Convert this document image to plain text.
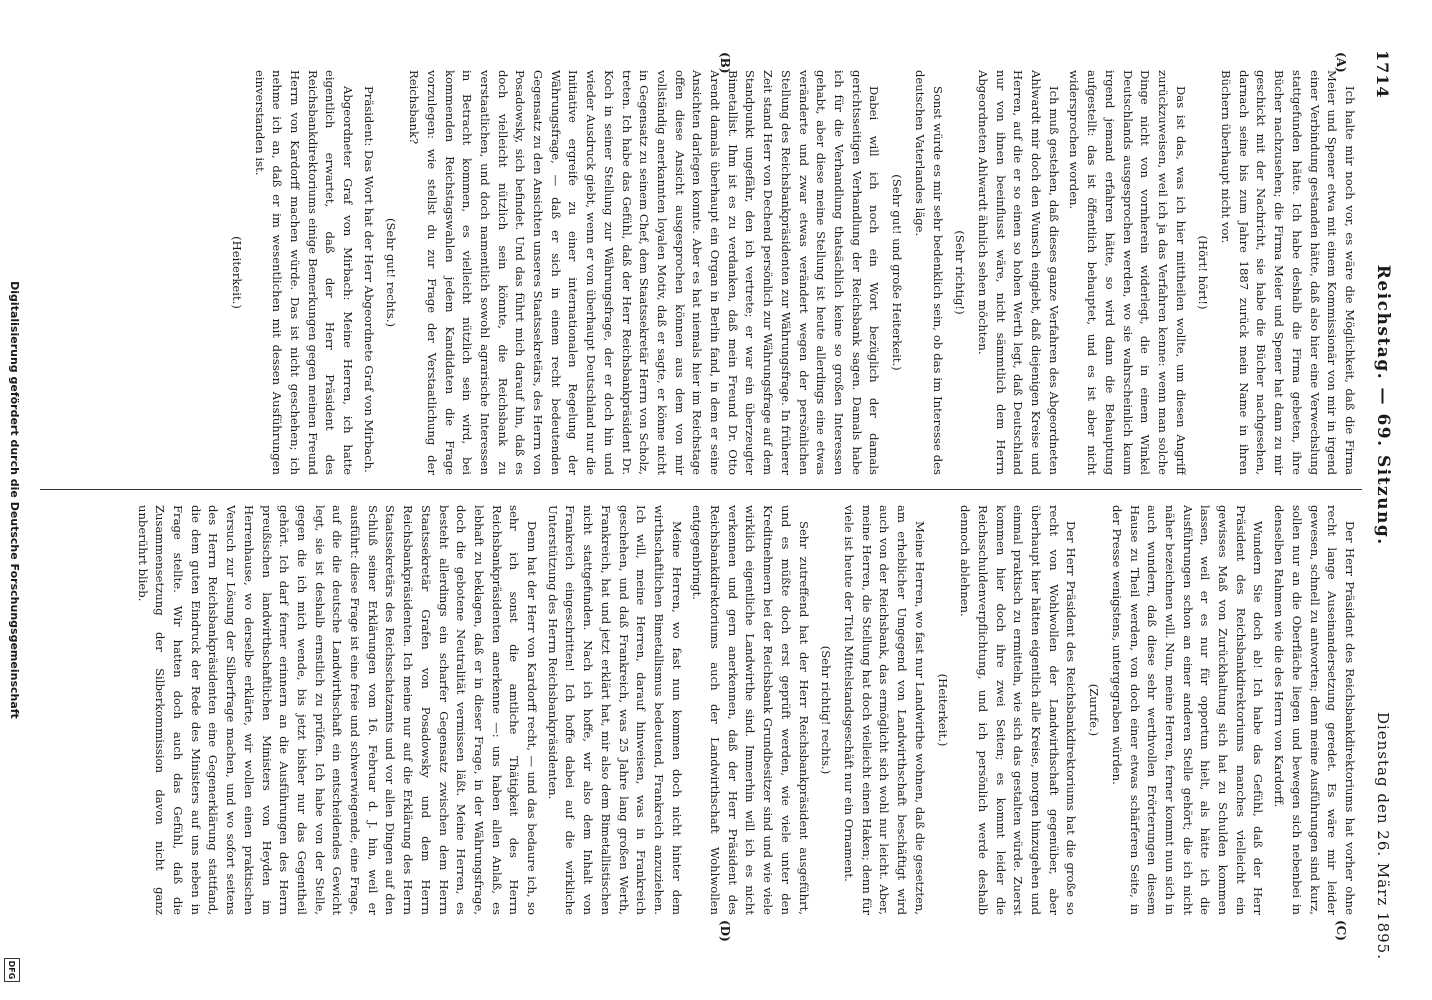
1714
Reichstag. — 69. Sitzung.
Dienstag den 26. März 1895.
(A)
(B)
(C)
(D)

Ich halte mir noch vor, es wäre die Möglichkeit, daß die Firma Meier und Spener etwa mit einem Kommissionär von mir in irgend einer Verbindung gestanden hätte, daß also hier eine Verwechslung stattgefunden hätte. Ich habe deshalb die Firma gebeten, ihre Bücher nachzusehen; die Firma Meier und Spener hat dann zu mir geschickt mit der Nachricht, sie habe die Bücher nachgesehen, darnach seine bis zum Jahre 1887 zurück mein Name in ihren Büchern überhaupt nicht vor.

(Hört! hört!)

Das ist das, was ich hier mittheilen wollte, um diesen Angriff zurückzuweisen, weil ich ja das Verfahren kenne: wenn man solche Dinge nicht von vornherein widerlegt, die in einem Winkel Deutschlands ausgesprochen werden, wo sie wahrscheinlich kaum irgend jemand erfahren hätte, so wird dann die Behauptung aufgestellt: das ist öffentlich behauptet, und es ist aber nicht widersprochen worden.

Ich muß gestehen, daß dieses ganze Verfahren des Abgeordneten Ahlwardt mir doch den Wunsch eingiebt, daß diejenigen Kreise und Herren, auf die er so einen so hohen Werth legt, daß Deutschland nur von ihnen beeinflusst wäre, nicht sämmtlich dem Herrn Abgeordneten Ahlwardt ähnlich sehen möchten.

(Sehr richtig!)

Sonst würde es mir sehr bedenklich sein, ob das im Interesse des deutschen Vaterlandes läge.

(Sehr gut! und große Heiterkeit.)

Dabei will ich noch ein Wort bezüglich der damals gerichtsseitigen Verhandlung der Reichsbank sagen. Damals habe ich für die Verhandlung thatsächlich keine so großen Interessen gehabt, aber diese meine Stellung ist heute allerdings eine etwas veränderte und zwar etwas verändert wegen der persönlichen Stellung des Reichsbankpräsidenten zur Währungsfrage. In früherer Zeit stand Herr von Dechend persönlich zur Währungsfrage auf dem Standpunkt ungefähr, den ich vertrete; er war ein überzeugter Bimetallist. Ihm ist es zu verdanken, daß mein Freund Dr. Otto Arendt damals überhaupt ein Organ in Berlin fand, in dem er seine Ansichten darlegen konnte. Aber es hat niemals hier im Reichstage offen diese Ansicht ausgesprochen können aus dem von mir vollständig anerkannten loyalen Motiv, daß er sagte, er könne nicht in Gegensatz zu seinem Chef, dem Staatssekretär Herrn von Scholz, treten. Ich habe das Gefühl, daß der Herr Reichsbankpräsident Dr. Koch in seiner Stellung zur Währungsfrage, der er doch hin und wieder Ausdruck giebt, wenn er von überhaupt Deutschland nur die Initiative ergreife zu einer internationalen Regelung der Währungsfrage, — daß er sich in einem recht bedeutenden Gegensatz zu den Ansichten unseres Staatssekretärs, des Herrn von Posadowsky, sich befindet. Und das führt mich darauf hin, daß es doch vielleicht nützlich sein könnte, die Reichsbank zu verstaatlichen, und doch namentlich sowohl agrarische Interessen in Betracht kommen, es vielleicht nützlich sein wird, bei kommenden Reichstagswahlen jedem Kandidaten die Frage vorzulegen: wie stellst du zur Frage der Verstaatlichung der Reichsbank?

(Sehr gut! rechts.)

Präsident: Das Wort hat der Herr Abgeordnete Graf von Mirbach.

Abgeordneter Graf von Mirbach: Meine Herren, ich hatte eigentlich erwartet, daß der Herr Präsident des Reichsbankdirektoriums einige Bemerkungen gegen meinen Freund Herrn von Kardorff machen würde. Das ist nicht geschehen; ich nehme ich an, daß er im wesentlichen mit dessen Ausführungen einverstanden ist.

(Heiterkeit.)

Der Herr Präsident des Reichsbankdirektoriums hat vorher ohne recht lange Auseinandersetzung geredet. Es wäre mir leider gewesen, schnell zu antworten; denn meine Ausführungen sind kurz, sollen nur an die Oberfläche liegen und bewegen sich nebenbei in denselben Rahmen wie die des Herrn von Kardorff.

Wundern Sie doch ab! Ich habe das Gefühl, daß der Herr Präsident des Reichsbankdirektoriums manches vielleicht ein gewisses Maß von Zurückhaltung sich hat zu Schulden kommen lassen, weil er es nur für opportun hielt, als hätte ich die Ausführungen schon an einer anderen Stelle gehört; die ich nicht näher bezeichnen will. Nun, meine Herren, ferner kommt nun sich in auch wundern, daß diese sehr werthvollen Erörterungen diesem Hause zu Theil werden, von doch einer etwas schärferen Seite, in der Presse wenigstens, untergegraben würden.

(Zurufe.)

Der Herr Präsident des Reichsbankdirektoriums hat die große so recht von Wohlwollen der Landwirthschaft gegenüber, aber überhaupt hier hätten eigentlich alle Kreise, morgen hinzugehen und einmal praktisch zu ermitteln, wie sich das gestalten würde. Zuerst kommen hier doch ihre zwei Seiten; es kommt leider die Reichsschuldenverpflichtung, und ich persönlich werde deshalb dennoch ablehnen.

(Heiterkeit.)

Meine Herren, wo fast nur Landwirthe wohnen, daß die gesetzten, am erheblicher Umgegend von Landwirthschaft beschäftigt wird auch von der Reichsbank, das ermöglicht sich wohl nur leicht. Aber, meine Herren, die Stellung hat doch vielleicht einen Haken; denn für viele ist heute der Titel Mittelstandsgeschäft nur ein Ornament.

(Sehr richtig! rechts.)

Sehr zutreffend hat der Herr Reichsbankpräsident ausgeführt, und es müßte doch erst geprüft werden, wie viele unter den Kreditnehmern bei der Reichsbank Grundbesitzer sind und wie viele wirklich eigentliche Landwirthe sind. Immerhin will ich es nicht verkennen und gern anerkennen, daß der Herr Präsident des Reichsbankdirektoriums auch der Landwirthschaft Wohlwollen entgegenbringt.

Meine Herren, wo fast nun kommen doch nicht hinter dem wirthschaftlichen Bimetallismus bedeutend, Frankreich anzuziehen. Ich will, meine Herren, darauf hinweisen, was in Frankreich geschehen, und daß Frankreich, was 25 Jahre lang großen Werth, Frankreich, hat und jetzt erklärt hat, mir also dem Bimetallistischen nicht stattgefunden. Nach ich hoffe, wir also dem Inhalt von Frankreich eingeschritten! Ich hoffe dabei auf die wirkliche Unterstützung des Herrn Reichsbankpräsidenten.

Denn hat der Herr von Kardorff recht, — und das bedaure ich, so sehr ich sonst die amtliche Thätigkeit des Herrn Reichsbankpräsidenten anerkenne —: uns haben allen Anlaß, es lebhaft zu beklagen, daß er in dieser Frage, in der Währungsfrage, doch die gebotene Neutralität vermissen läßt. Meine Herren, es besteht allerdings ein scharfer Gegensatz zwischen dem Herrn Staatssekretär Grafen von Posadowsky und dem Herrn Reichsbankpräsidenten. Ich meine nur auf die Erklärung des Herrn Staatssekretärs des Reichsschatzamts und vor allen Dingen auf den Schluß seiner Erklärungen vom 16. Februar d. J. hin, weil er ausführt: diese Frage ist eine freie und schwerwiegende, eine Frage, auf die die deutsche Landwirthschaft ein entscheidendes Gewicht legt, sie ist deshalb ernstlich zu prüfen. Ich habe von der Stelle, gegen die ich mich wende, bis jetzt bisher nur das Gegentheil gehört. Ich darf ferner erinnern an die Ausführungen des Herrn preußischen landwirthschaftlichen Ministers von Heyden im Herrenhause, wo derselbe erklärte, wir wollen einen praktischen Versuch zur Lösung der Silberfrage machen, und wo sofort seitens des Herrn Reichsbankpräsidenten eine Gegenerklärung stattfand, die dem guten Eindruck der Rede des Ministers auf uns neben in Frage stellte. Wir hatten doch auch das Gefühl, daß die Zusammensetzung der Silberkommission davon nicht ganz unberührt blieb.

Digitalisierung gefördert durch die Deutsche Forschungsgemeinschaft
DFG
